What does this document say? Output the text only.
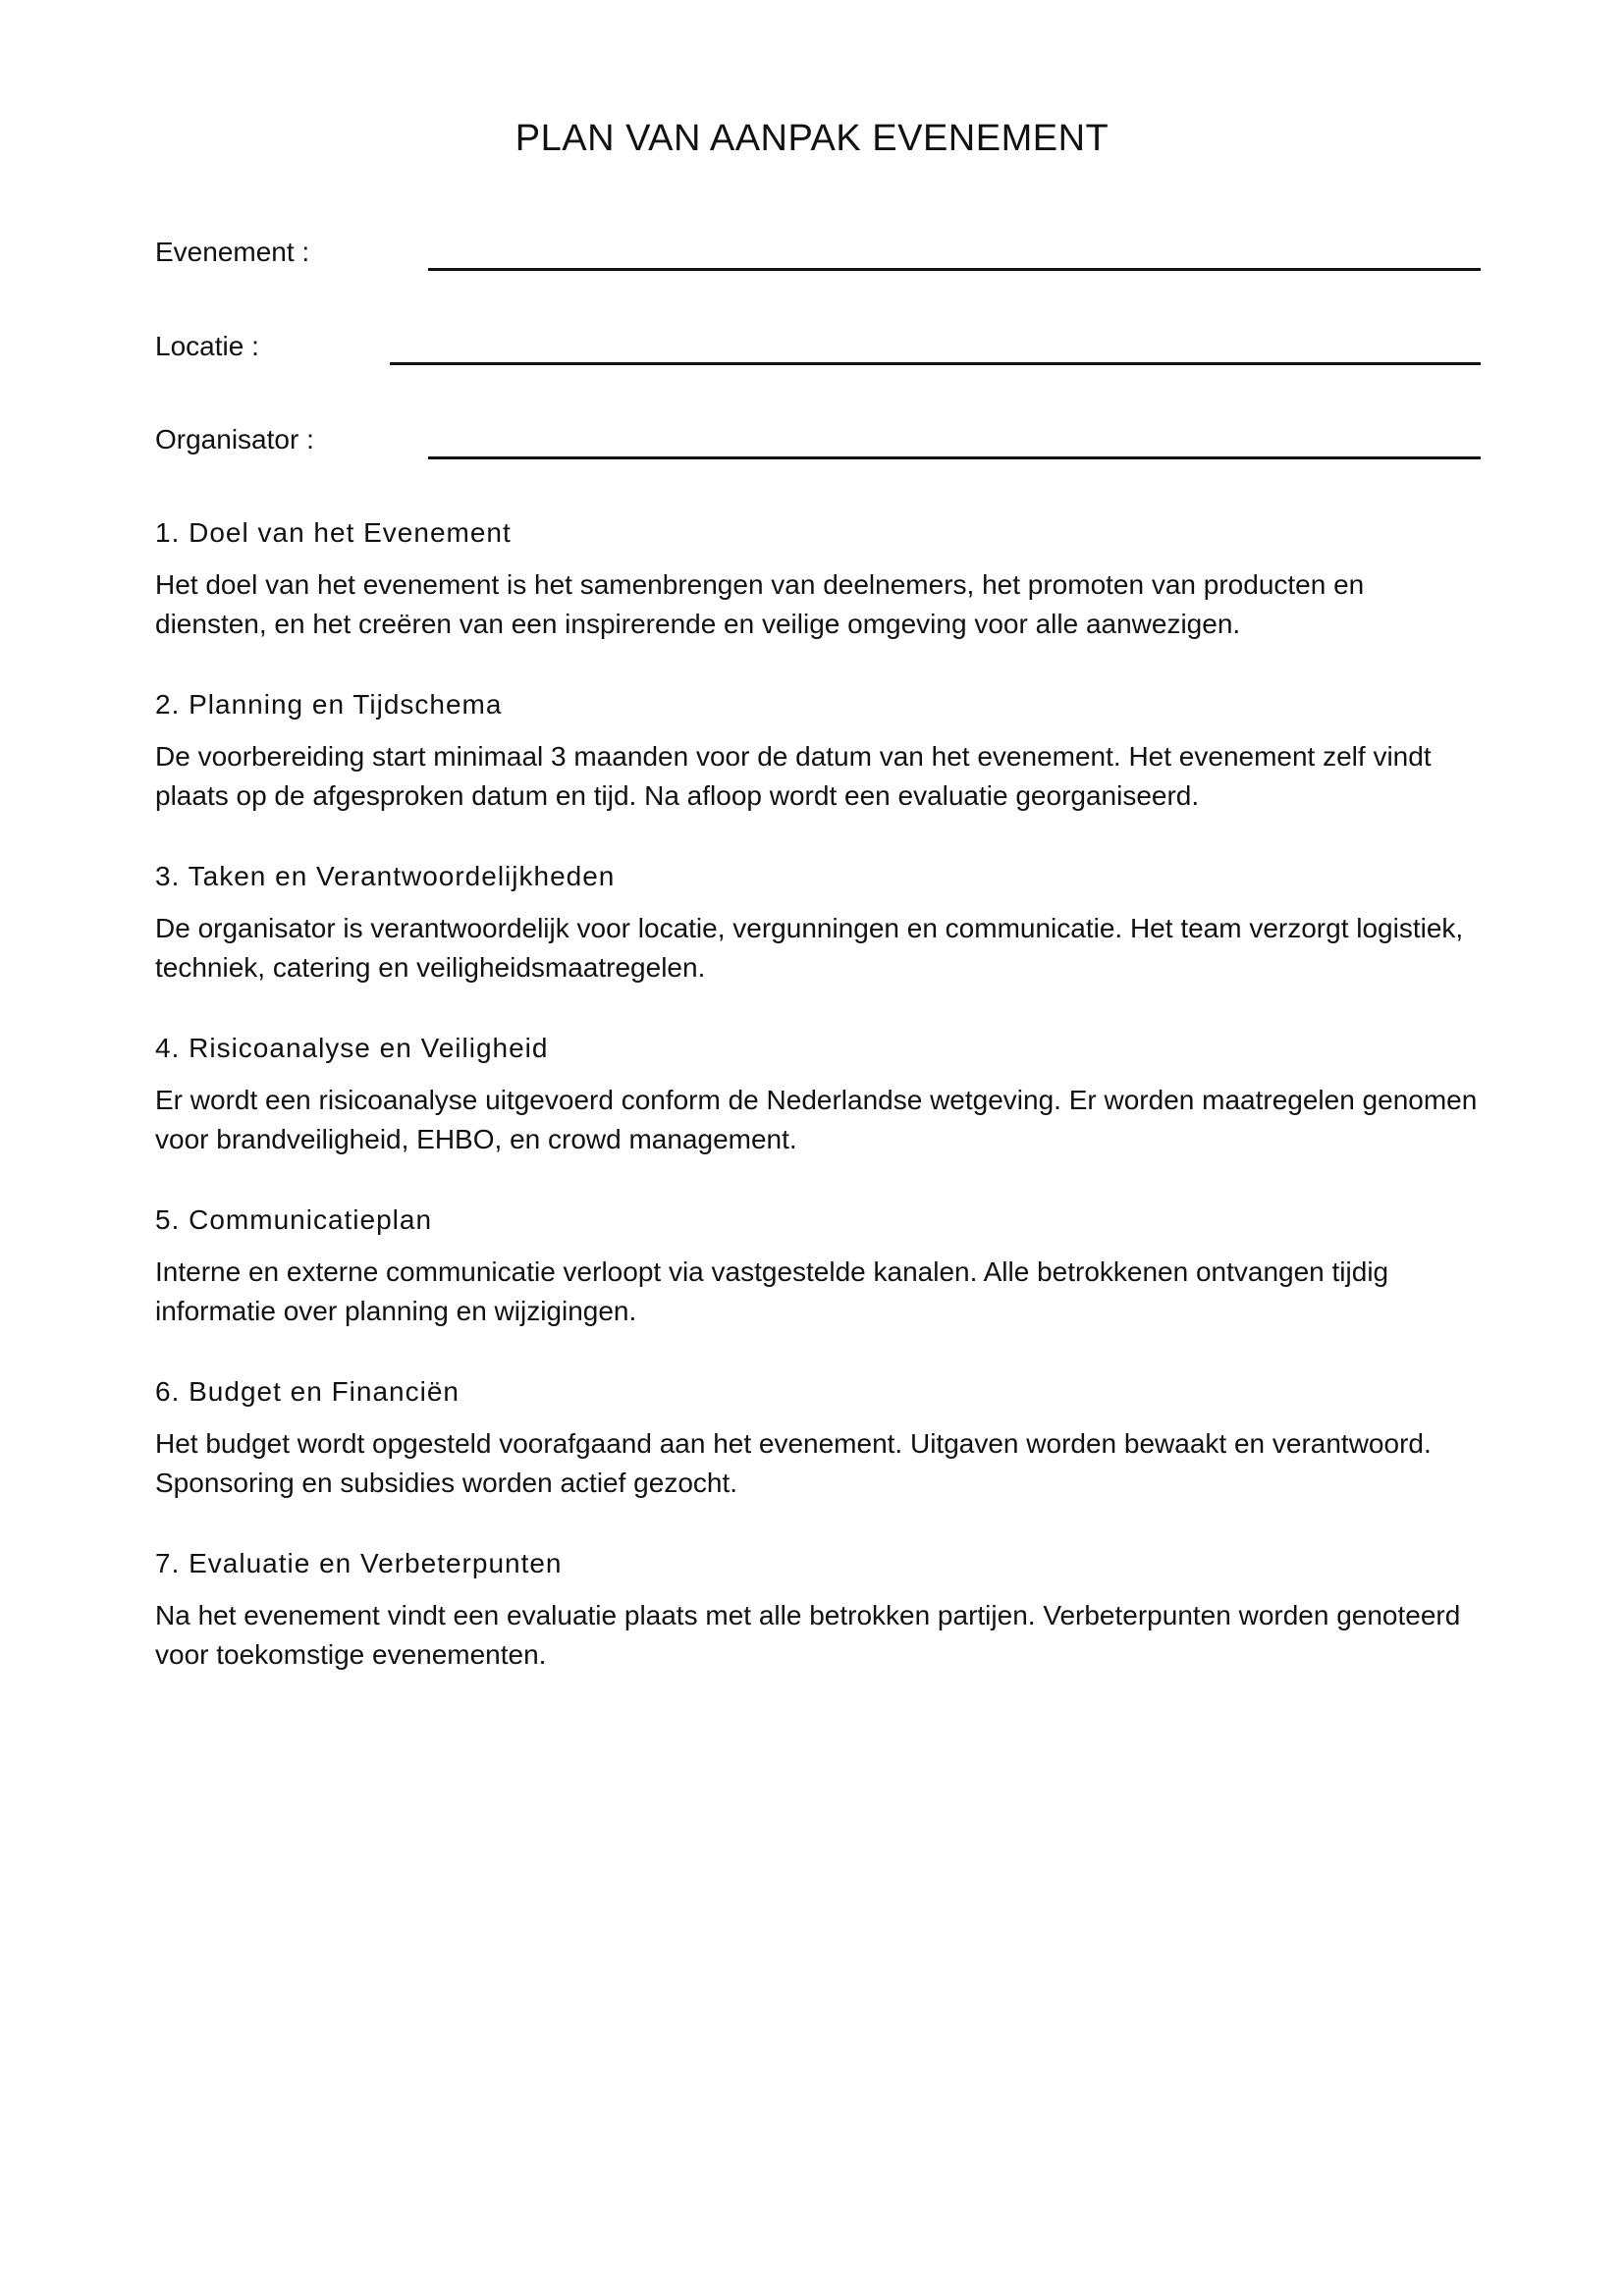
PLAN VAN AANPAK EVENEMENT
Evenement :
Locatie :
Organisator :
1. Doel van het Evenement

Het doel van het evenement is het samenbrengen van deelnemers, het promoten van producten en diensten, en het creëren van een inspirerende en veilige omgeving voor alle aanwezigen.

2. Planning en Tijdschema

De voorbereiding start minimaal 3 maanden voor de datum van het evenement. Het evenement zelf vindt plaats op de afgesproken datum en tijd. Na afloop wordt een evaluatie georganiseerd.

3. Taken en Verantwoordelijkheden

De organisator is verantwoordelijk voor locatie, vergunningen en communicatie. Het team verzorgt logistiek, techniek, catering en veiligheidsmaatregelen.

4. Risicoanalyse en Veiligheid

Er wordt een risicoanalyse uitgevoerd conform de Nederlandse wetgeving. Er worden maatregelen genomen voor brandveiligheid, EHBO, en crowd management.

5. Communicatieplan

Interne en externe communicatie verloopt via vastgestelde kanalen. Alle betrokkenen ontvangen tijdig informatie over planning en wijzigingen.

6. Budget en Financiën

Het budget wordt opgesteld voorafgaand aan het evenement. Uitgaven worden bewaakt en verantwoord. Sponsoring en subsidies worden actief gezocht.

7. Evaluatie en Verbeterpunten

Na het evenement vindt een evaluatie plaats met alle betrokken partijen. Verbeterpunten worden genoteerd voor toekomstige evenementen.
